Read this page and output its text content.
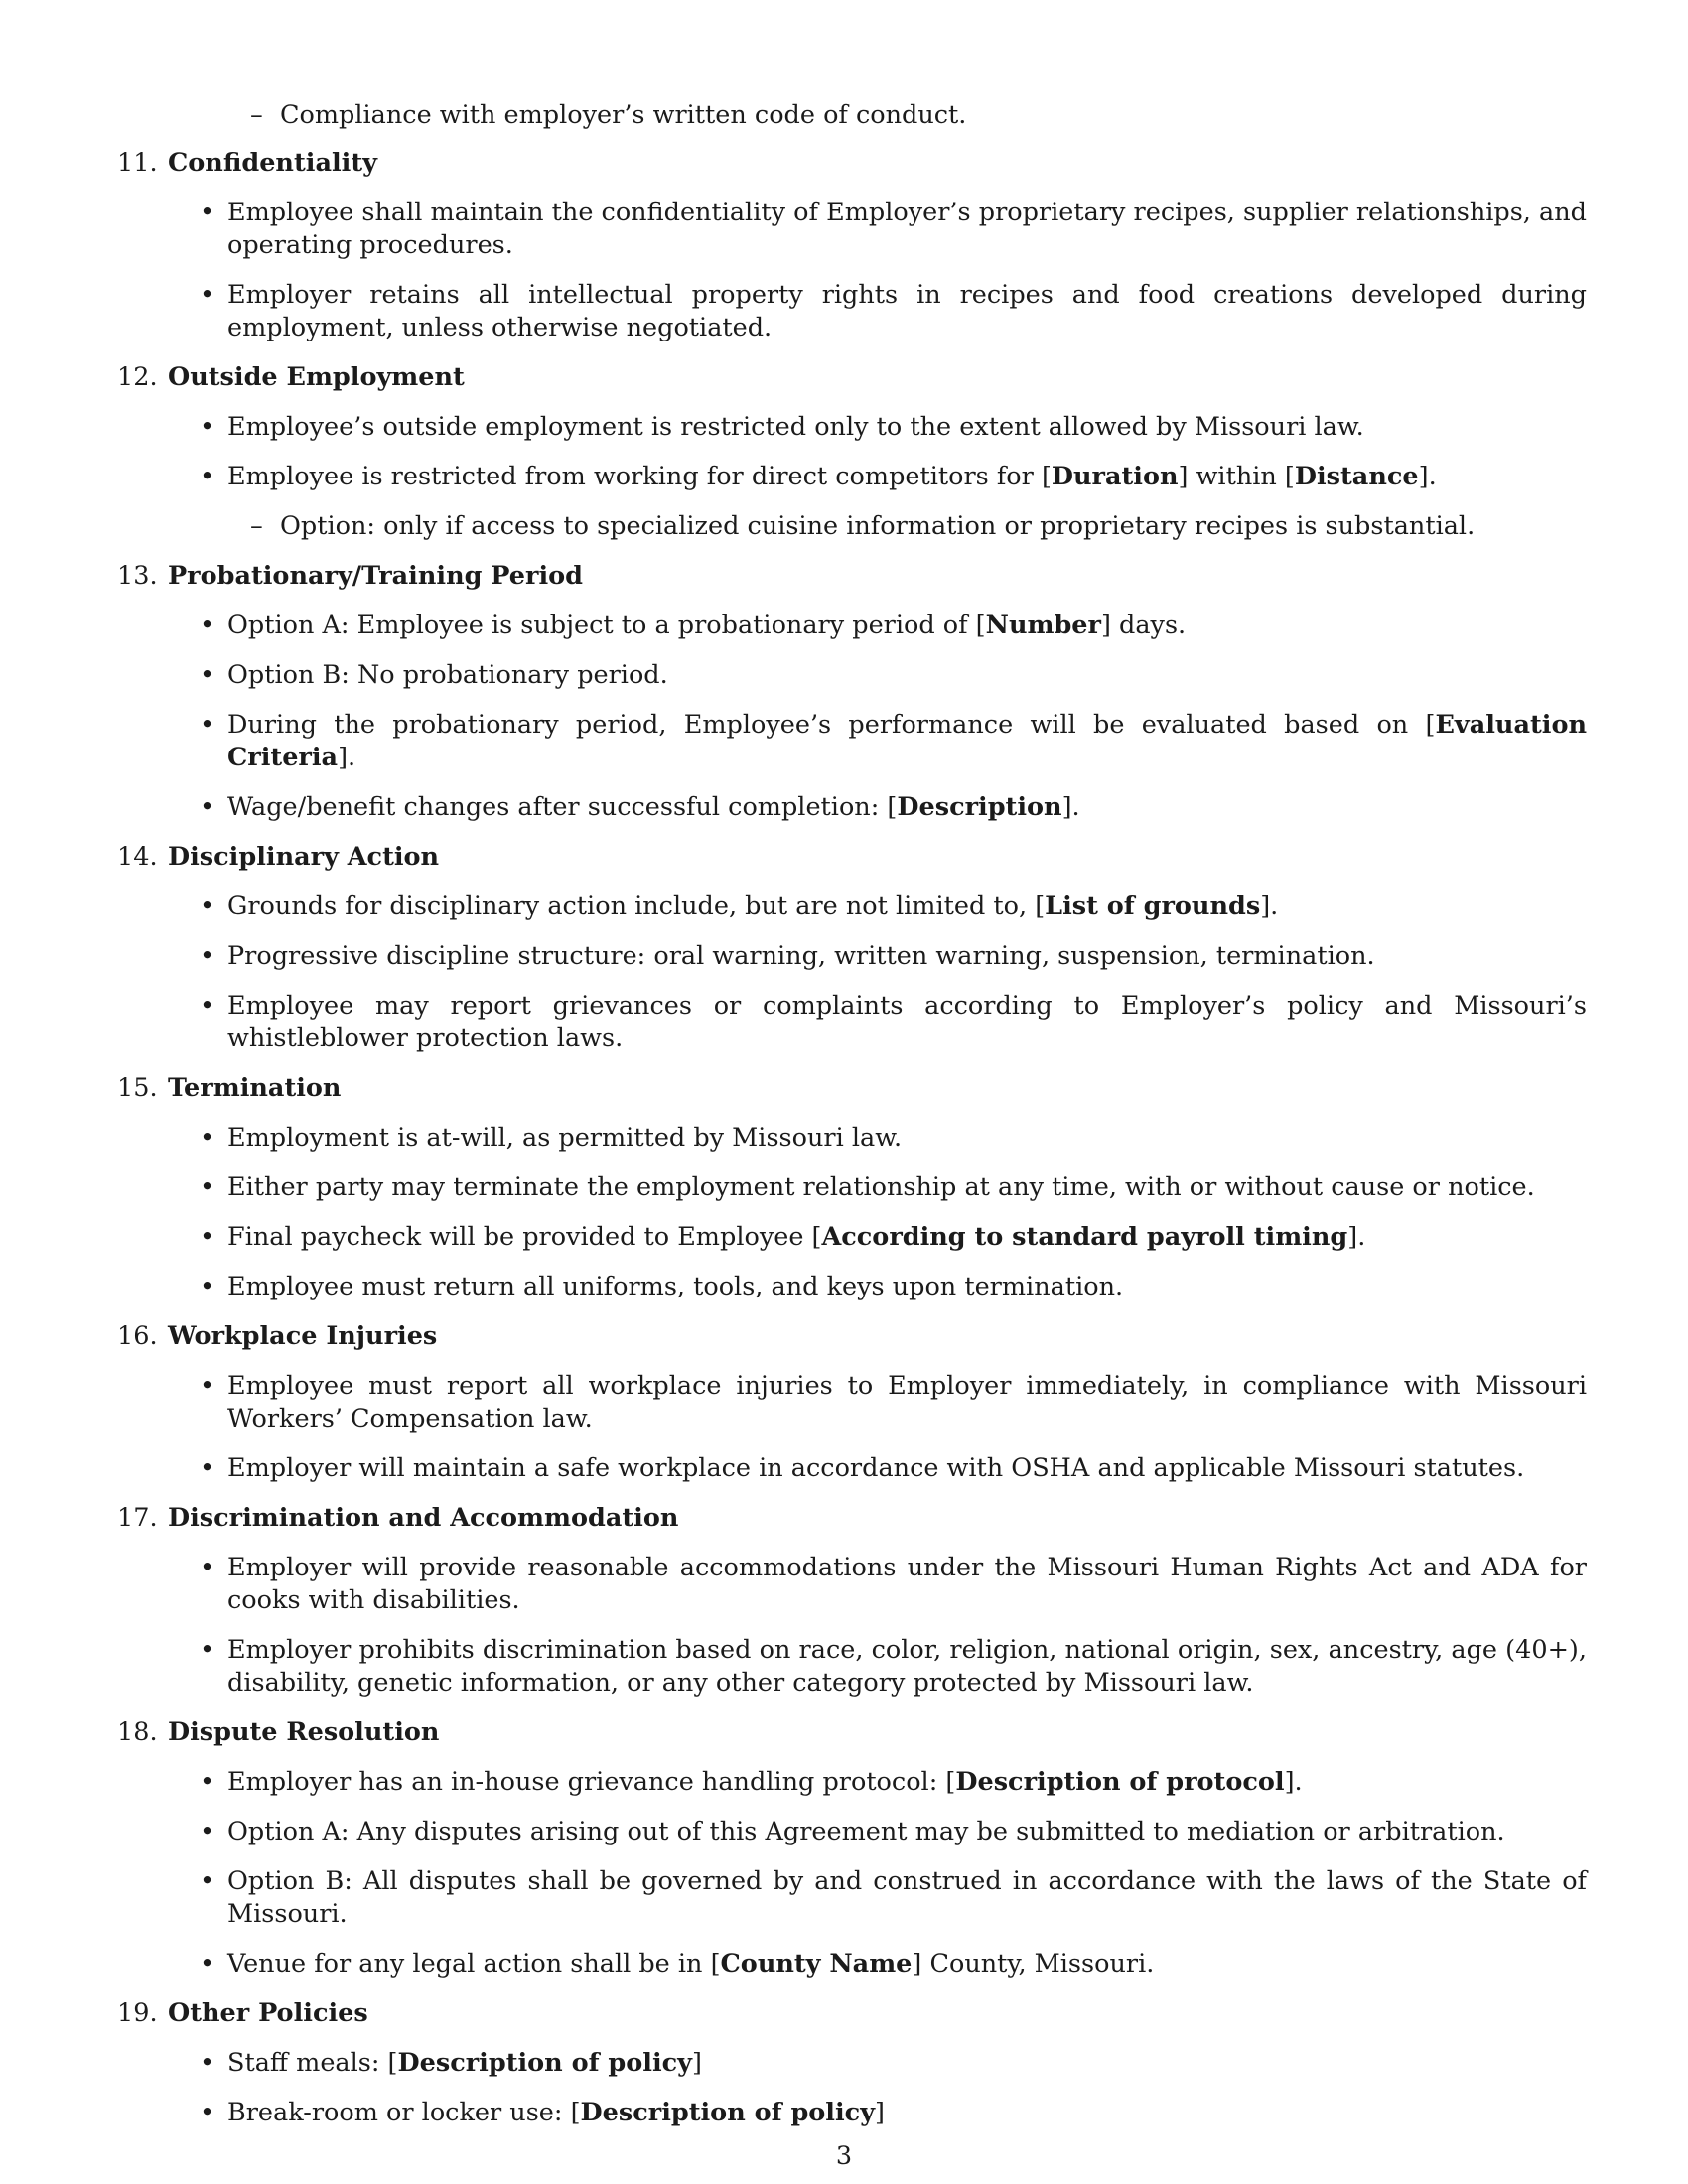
– Compliance with employer’s written code of conduct.
11. Confidentiality
• Employee shall maintain the confidentiality of Employer’s proprietary recipes, supplier relationships, and operating procedures.
• Employer retains all intellectual property rights in recipes and food creations developed during employment, unless otherwise negotiated.
12. Outside Employment
• Employee’s outside employment is restricted only to the extent allowed by Missouri law.
• Employee is restricted from working for direct competitors for [Duration] within [Distance].
– Option: only if access to specialized cuisine information or proprietary recipes is substantial.
13. Probationary/Training Period
• Option A: Employee is subject to a probationary period of [Number] days.
• Option B: No probationary period.
• During the probationary period, Employee’s performance will be evaluated based on [Evaluation Criteria].
• Wage/benefit changes after successful completion: [Description].
14. Disciplinary Action
• Grounds for disciplinary action include, but are not limited to, [List of grounds].
• Progressive discipline structure: oral warning, written warning, suspension, termination.
• Employee may report grievances or complaints according to Employer’s policy and Missouri’s whistleblower protection laws.
15. Termination
• Employment is at-will, as permitted by Missouri law.
• Either party may terminate the employment relationship at any time, with or without cause or notice.
• Final paycheck will be provided to Employee [According to standard payroll timing].
• Employee must return all uniforms, tools, and keys upon termination.
16. Workplace Injuries
• Employee must report all workplace injuries to Employer immediately, in compliance with Missouri Workers’ Compensation law.
• Employer will maintain a safe workplace in accordance with OSHA and applicable Missouri statutes.
17. Discrimination and Accommodation
• Employer will provide reasonable accommodations under the Missouri Human Rights Act and ADA for cooks with disabilities.
• Employer prohibits discrimination based on race, color, religion, national origin, sex, ancestry, age (40+), disability, genetic information, or any other category protected by Missouri law.
18. Dispute Resolution
• Employer has an in-house grievance handling protocol: [Description of protocol].
• Option A: Any disputes arising out of this Agreement may be submitted to mediation or arbitration.
• Option B: All disputes shall be governed by and construed in accordance with the laws of the State of Missouri.
• Venue for any legal action shall be in [County Name] County, Missouri.
19. Other Policies
• Staff meals: [Description of policy]
• Break-room or locker use: [Description of policy]
3
